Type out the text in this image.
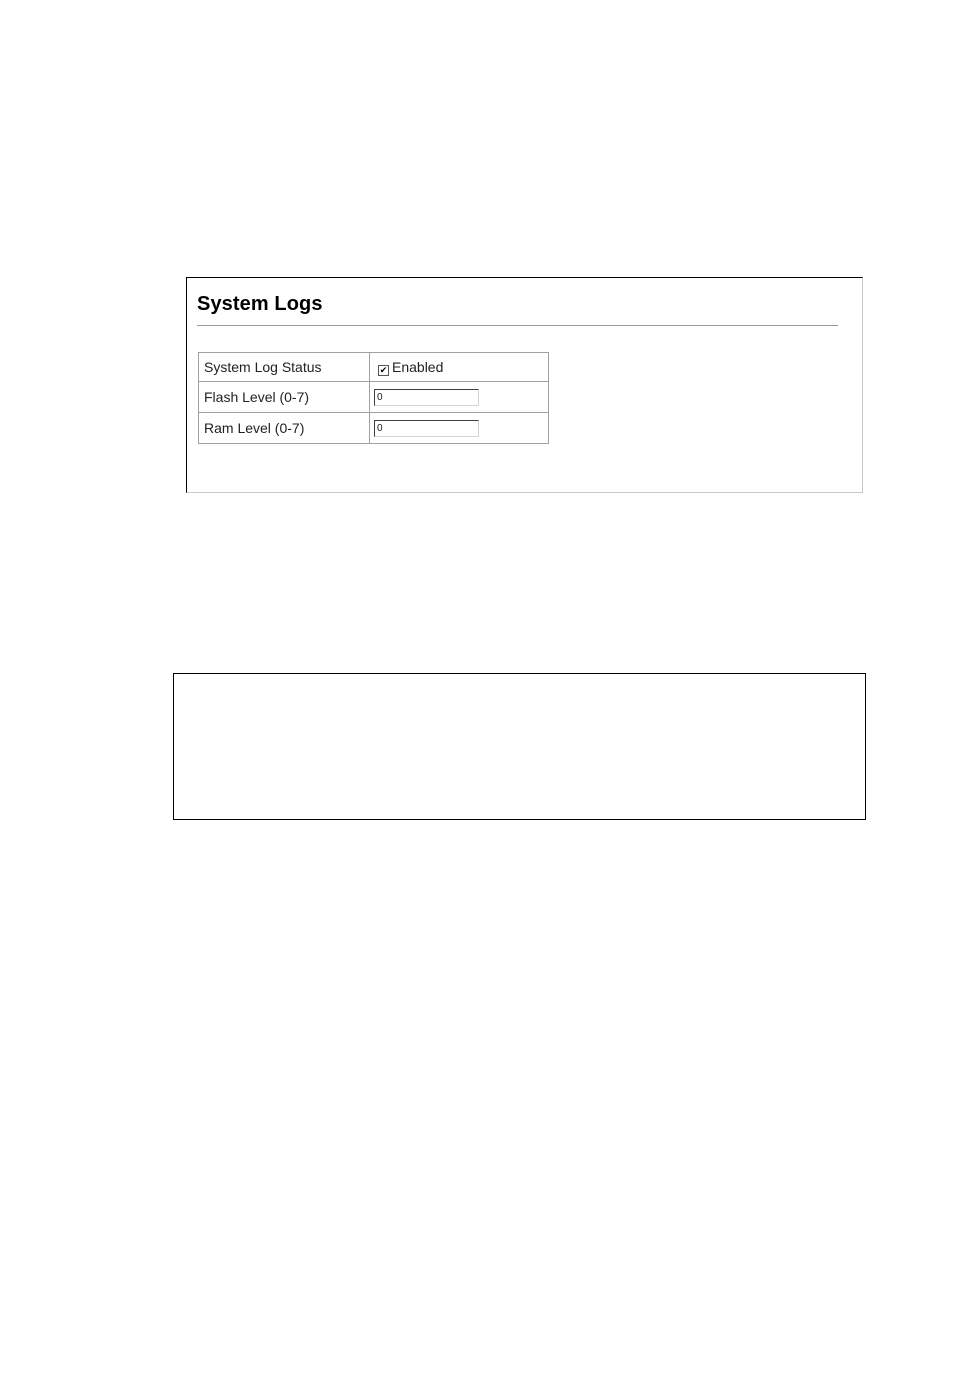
System Logs
System Log Status	✔ Enabled
Flash Level (0-7)	0
Ram Level (0-7)	0
